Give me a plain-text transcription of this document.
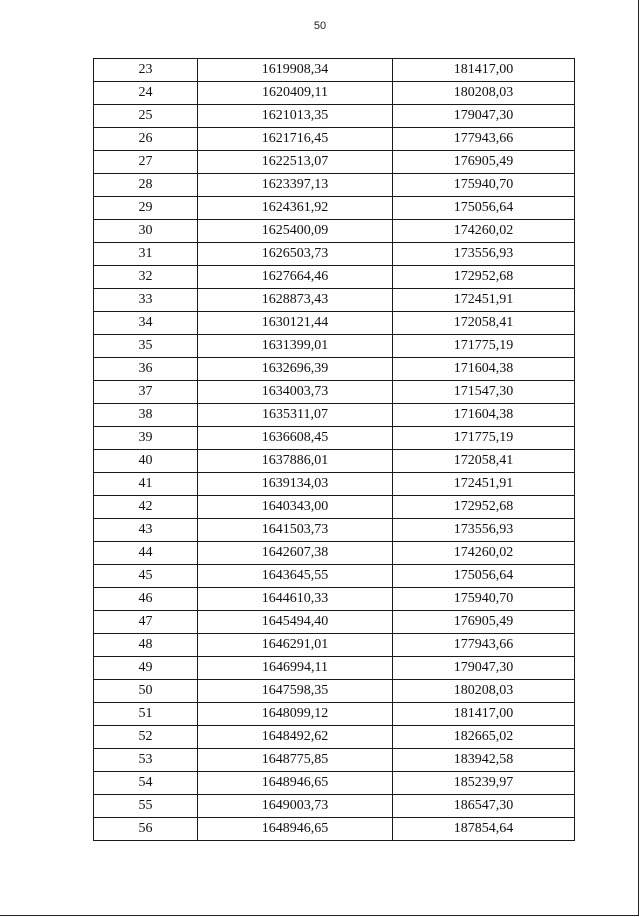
50
23	1619908,34	181417,00
24	1620409,11	180208,03
25	1621013,35	179047,30
26	1621716,45	177943,66
27	1622513,07	176905,49
28	1623397,13	175940,70
29	1624361,92	175056,64
30	1625400,09	174260,02
31	1626503,73	173556,93
32	1627664,46	172952,68
33	1628873,43	172451,91
34	1630121,44	172058,41
35	1631399,01	171775,19
36	1632696,39	171604,38
37	1634003,73	171547,30
38	1635311,07	171604,38
39	1636608,45	171775,19
40	1637886,01	172058,41
41	1639134,03	172451,91
42	1640343,00	172952,68
43	1641503,73	173556,93
44	1642607,38	174260,02
45	1643645,55	175056,64
46	1644610,33	175940,70
47	1645494,40	176905,49
48	1646291,01	177943,66
49	1646994,11	179047,30
50	1647598,35	180208,03
51	1648099,12	181417,00
52	1648492,62	182665,02
53	1648775,85	183942,58
54	1648946,65	185239,97
55	1649003,73	186547,30
56	1648946,65	187854,64
